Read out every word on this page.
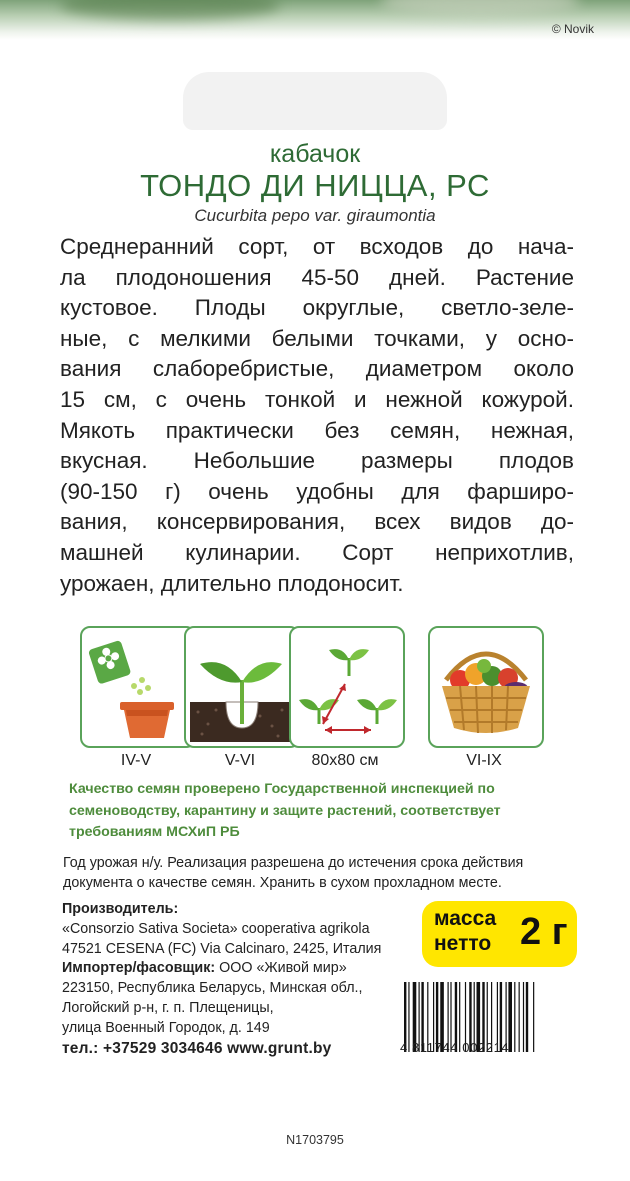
© Novik
кабачок
ТОНДО ДИ НИЦЦА, РС
Cucurbita pepo var. giraumontia
Среднеранний сорт, от всходов до нача-
ла плодоношения 45-50 дней. Растение
кустовое. Плоды округлые, светло-зеле-
ные, с мелкими белыми точками, у осно-
вания слаборебристые, диаметром около
15 см, с очень тонкой и нежной кожурой.
Мякоть практически без семян, нежная,
вкусная. Небольшие размеры плодов
(90-150 г) очень удобны для фарширо-
вания, консервирования, всех видов до-
машней кулинарии. Сорт неприхотлив,
урожаен, длительно плодоносит.
IV-V	V-VI	80x80 см	VI-IX
Качество семян проверено Государственной инспекцией по
семеноводству, карантину и защите растений, соответствует
требованиям МСХиП РБ
Год урожая н/у. Реализация разрешена до истечения срока действия
документа о качестве семян. Хранить в сухом прохладном месте.
Производитель:
«Consorzio Sativa Societa» cooperativa agrikola
47521 CESENA (FC) Via Calcinaro, 2425, Италия
Импортер/фасовщик: ООО «Живой мир»
223150, Республика Беларусь, Минская обл.,
Логойский р-н, г. п. Плещеницы,
улица Военный Городок, д. 149
тел.: +37529 3034646 www.grunt.by
масса
нетто 2 г
4 811744 002214
N1703795
